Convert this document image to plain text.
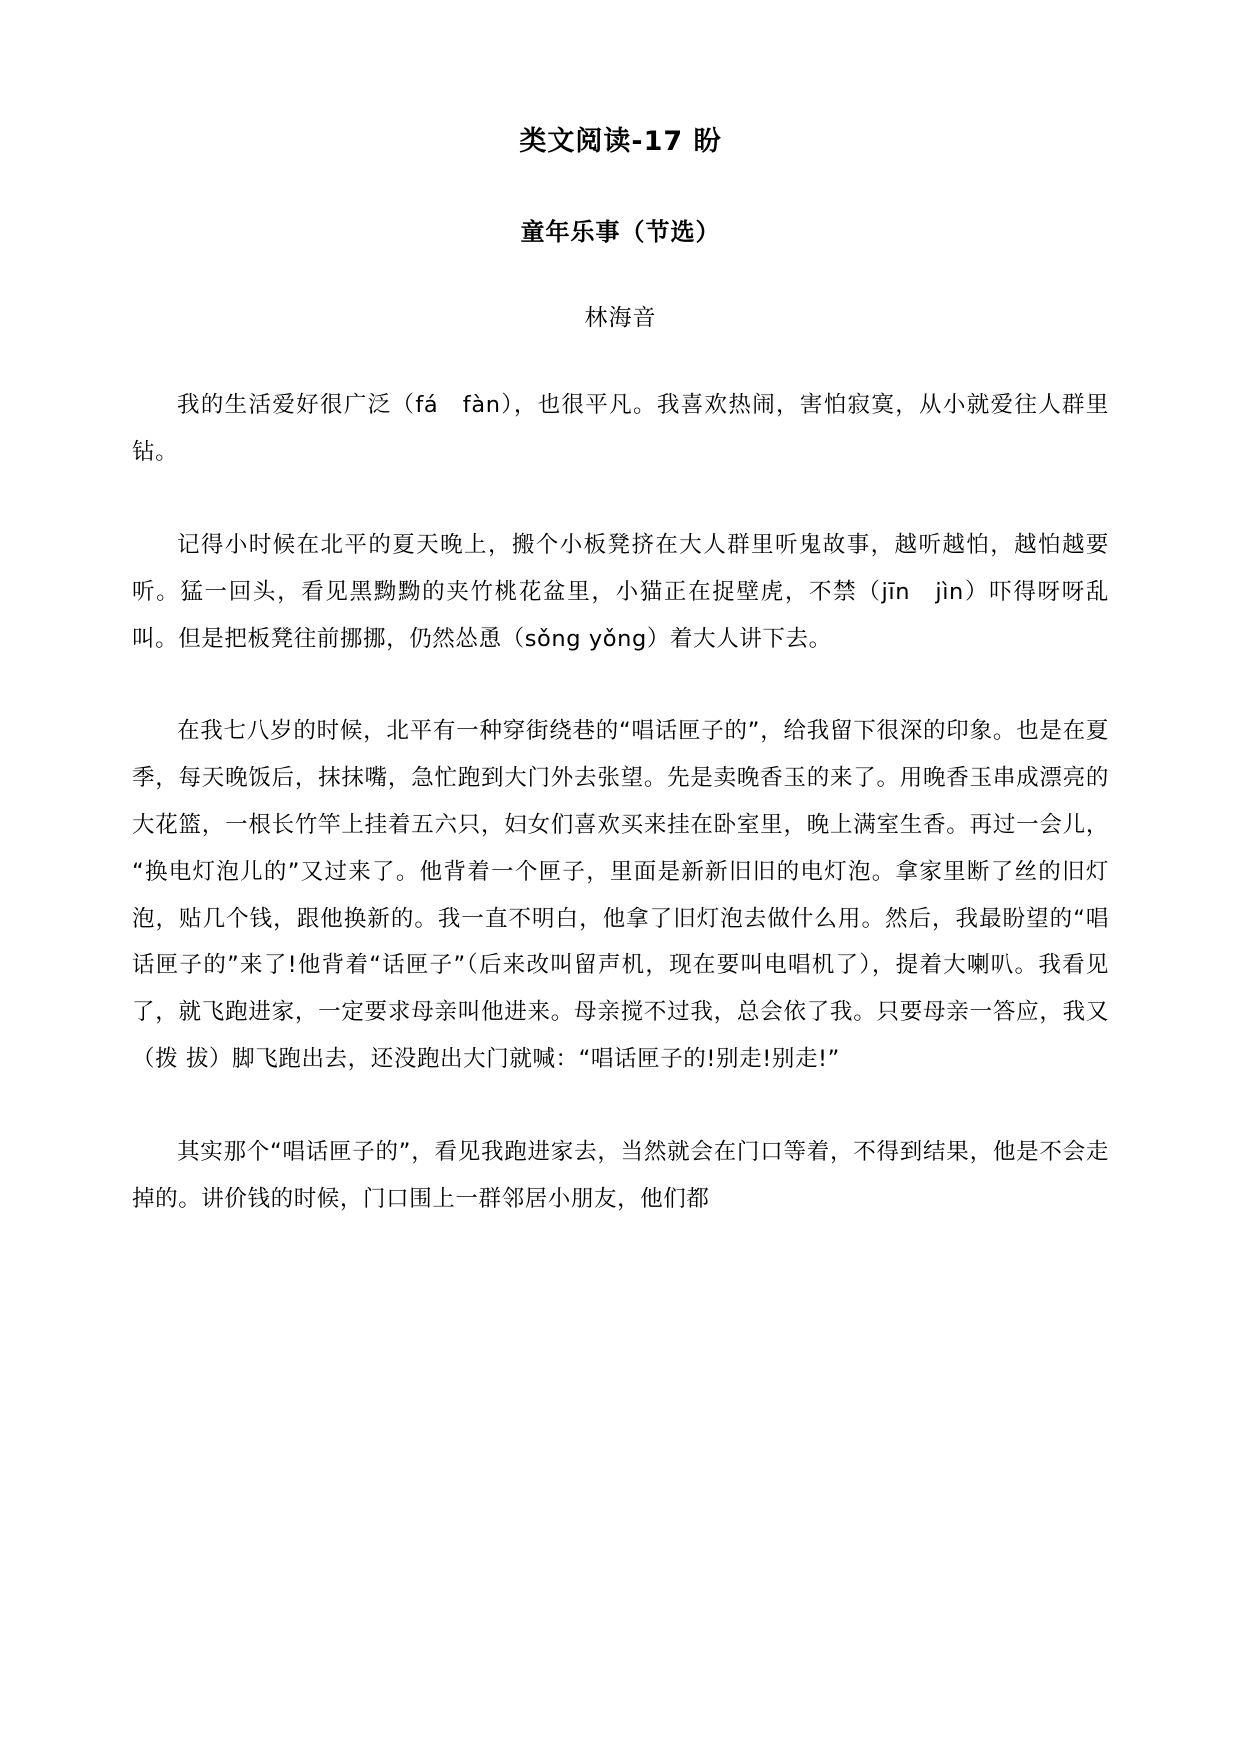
类文阅读-17 盼
童年乐事（节选）
林海音

我的生活爱好很广泛（fá　fàn），也很平凡。我喜欢热闹，害怕寂寞，从小就爱往人群里钻。

记得小时候在北平的夏天晚上，搬个小板凳挤在大人群里听鬼故事，越听越怕，越怕越要听。猛一回头，看见黑黝黝的夹竹桃花盆里，小猫正在捉壁虎，不禁（jīn　jìn）吓得呀呀乱叫。但是把板凳往前挪挪，仍然怂恿（sǒng yǒng）着大人讲下去。

在我七八岁的时候，北平有一种穿街绕巷的“唱话匣子的”，给我留下很深的印象。也是在夏季，每天晚饭后，抹抹嘴，急忙跑到大门外去张望。先是卖晚香玉的来了。用晚香玉串成漂亮的大花篮，一根长竹竿上挂着五六只，妇女们喜欢买来挂在卧室里，晚上满室生香。再过一会儿，“换电灯泡儿的”又过来了。他背着一个匣子，里面是新新旧旧的电灯泡。拿家里断了丝的旧灯泡，贴几个钱，跟他换新的。我一直不明白，他拿了旧灯泡去做什么用。然后，我最盼望的“唱话匣子的”来了!他背着“话匣子”（后来改叫留声机，现在要叫电唱机了），提着大喇叭。我看见了，就飞跑进家，一定要求母亲叫他进来。母亲搅不过我，总会依了我。只要母亲一答应，我又（拨 拔）脚飞跑出去，还没跑出大门就喊：“唱话匣子的!别走!别走!”

其实那个“唱话匣子的”，看见我跑进家去，当然就会在门口等着，不得到结果，他是不会走掉的。讲价钱的时候，门口围上一群邻居小朋友，他们都
